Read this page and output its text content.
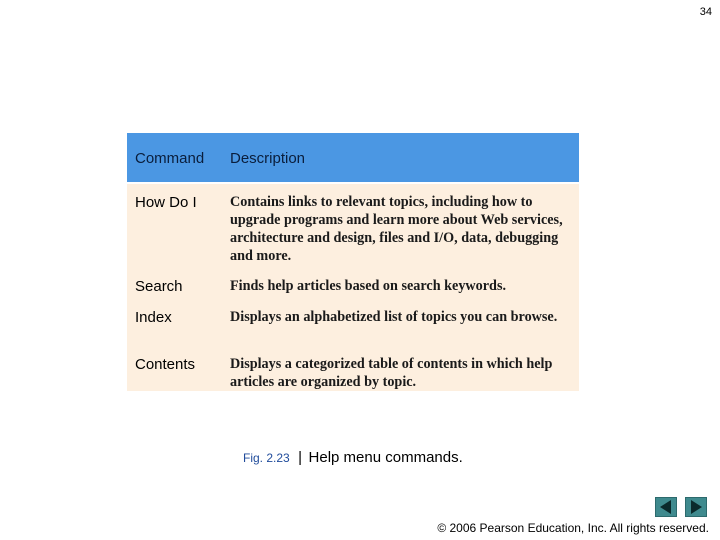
34
Command Description
How Do I Contains links to relevant topics, including how to upgrade programs and learn more about Web services, architecture and design, files and I/O, data, debugging and more.
Search	Finds help articles based on search keywords.
Index	Displays an alphabetized list of topics you can browse.
Contents Displays a categorized table of contents in which help articles are organized by topic.
Fig. 2.23 | Help menu commands.
© 2006 Pearson Education, Inc. All rights reserved.
